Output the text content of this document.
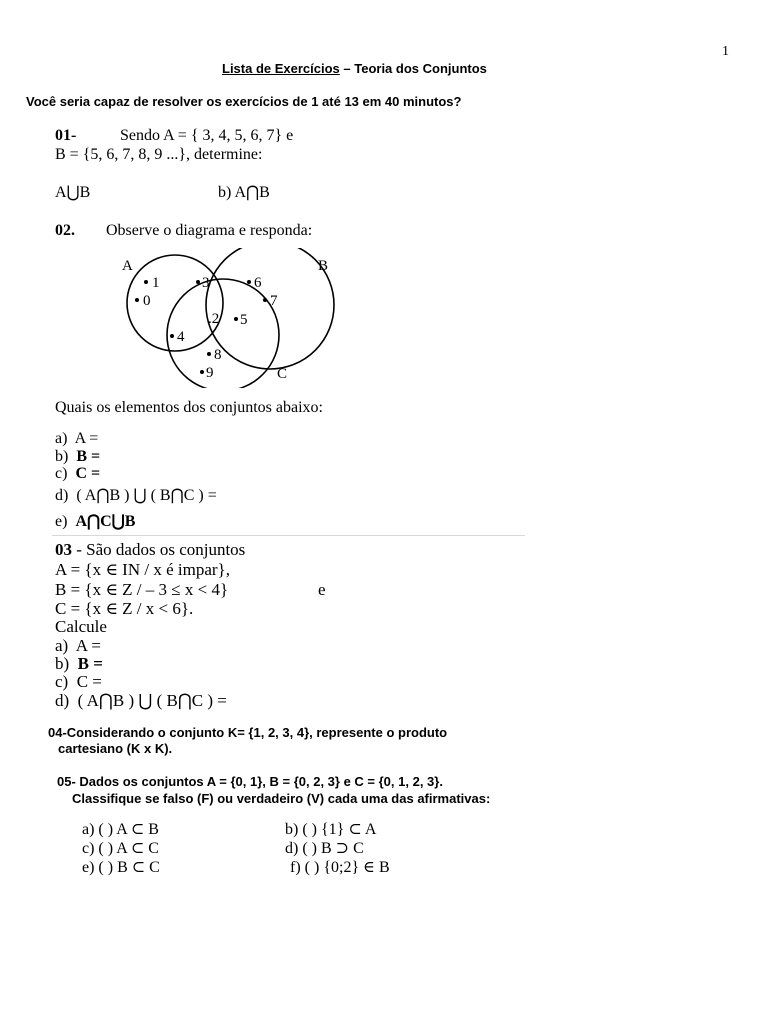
1
Lista de Exercícios – Teoria dos Conjuntos
Você seria capaz de resolver os exercícios de 1 até 13 em 40 minutos?
01-	Sendo A = { 3, 4, 5, 6, 7} e
B = {5, 6, 7, 8, 9 ...}, determine:
A⋃B	b) A⋂B
02. Observe o diagrama e responda:
A	B
C
1
0
3	6
7
.2 5
4
8
9
Quais os elementos dos conjuntos abaixo:
a) A =
b) B =
c) C =
d) ( A⋂B ) ⋃ ( B⋂C ) =
e) A⋂C⋃B
03 - São dados os conjuntos
A = {x ∈ IN / x é impar},
B = {x ∈ Z / – 3 ≤ x < 4}	e
C = {x ∈ Z / x < 6}.
Calcule
a) A =
b) B =
c) C =
d) ( A⋂B ) ⋃ ( B⋂C ) =
04-Considerando o conjunto K= {1, 2, 3, 4}, represente o produto
cartesiano (K x K).
05- Dados os conjuntos A = {0, 1}, B = {0, 2, 3} e C = {0, 1, 2, 3}.
Classifique se falso (F) ou verdadeiro (V) cada uma das afirmativas:
a) ( ) A ⊂ B	b) ( ) {1} ⊂ A
c) ( ) A ⊂ C	d) ( ) B ⊃ C
e) ( ) B ⊂ C	f) ( ) {0;2} ∈ B
